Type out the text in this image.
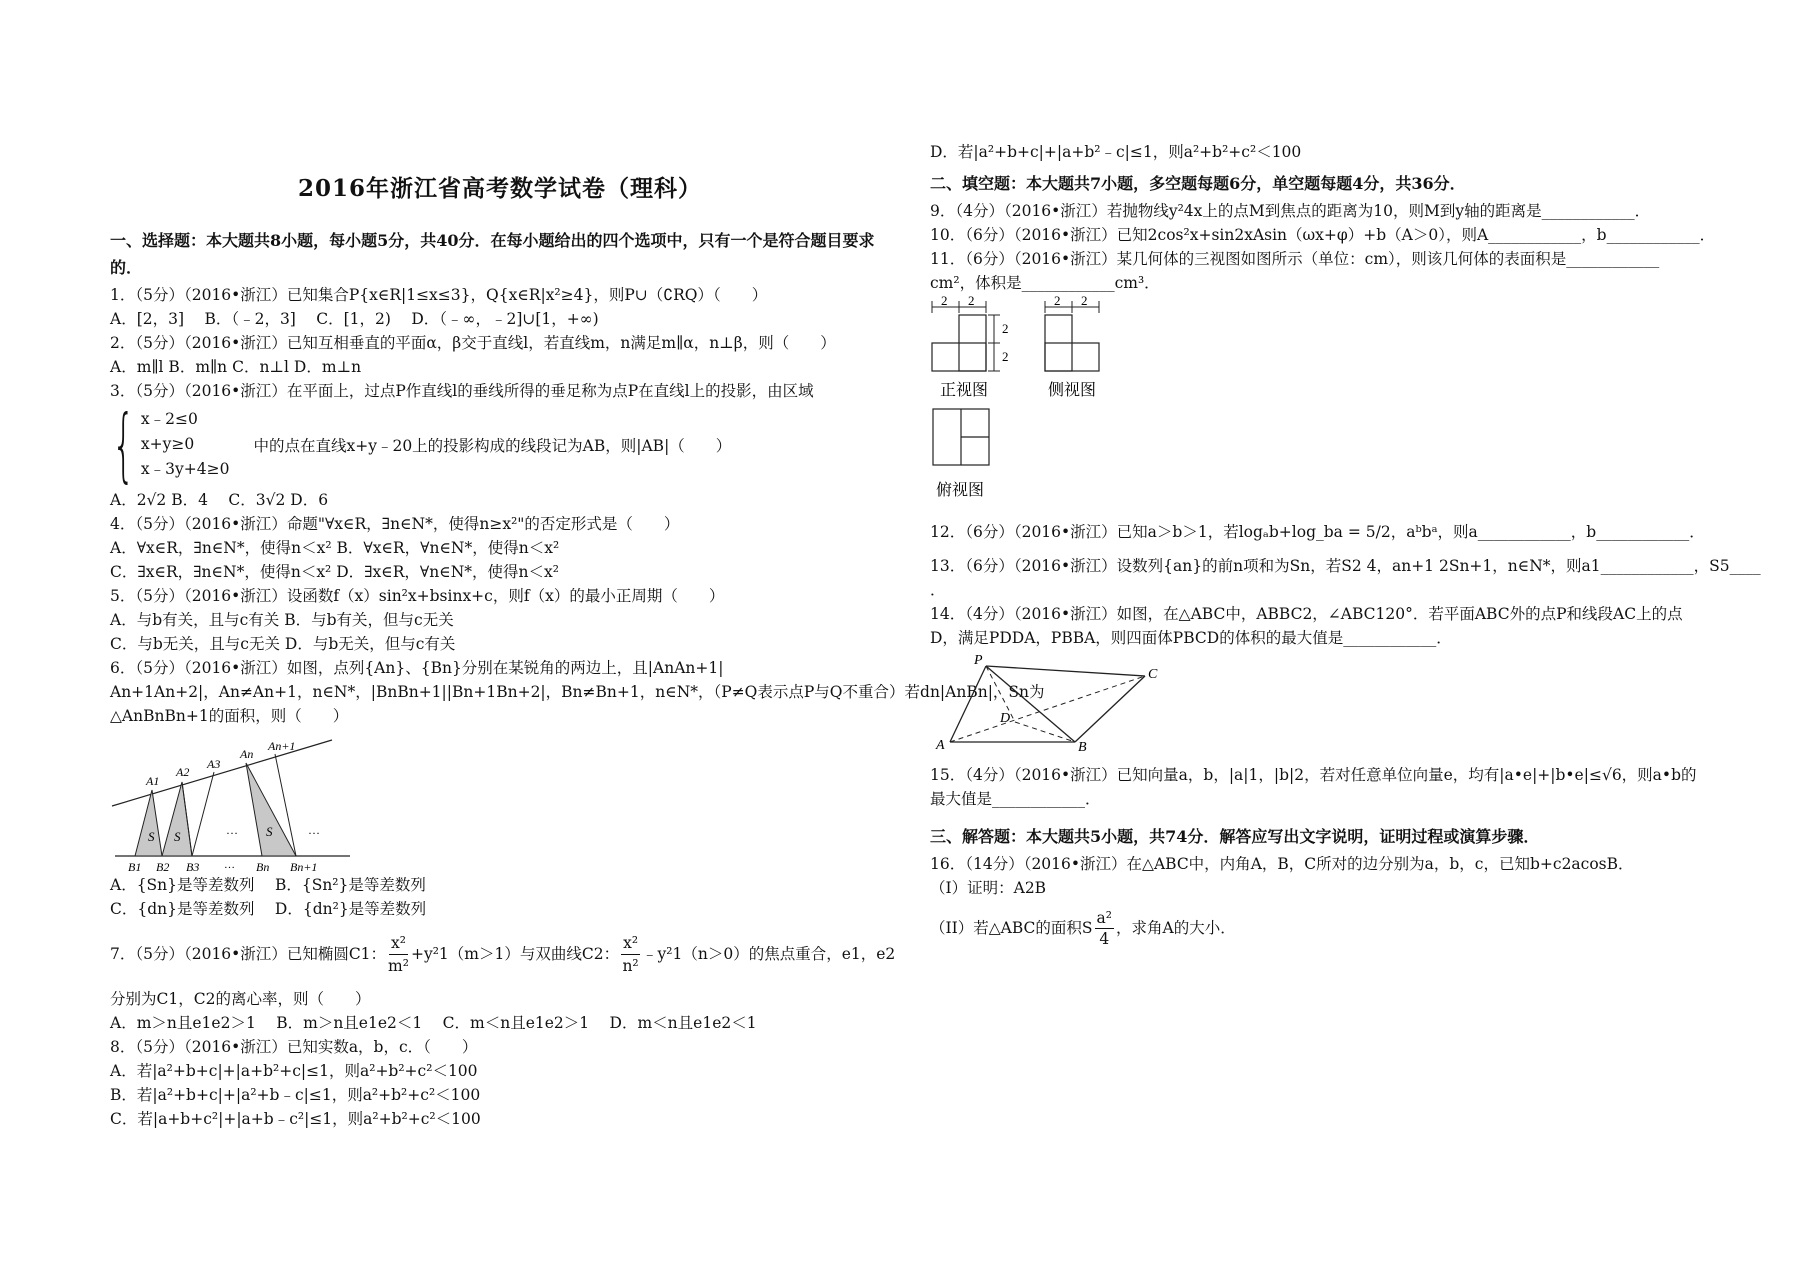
2016年浙江省高考数学试卷（理科）
一、选择题：本大题共8小题，每小题5分，共40分．在每小题给出的四个选项中，只有一个是符合题目要求
的．
1．（5分）（2016•浙江）已知集合P{x∈R|1≤x≤3}，Q{x∈R|x²≥4}，则P∪（∁RQ）（　　）
A．[2，3]　 B．（﹣2，3]　 C．[1，2)　 D．（﹣∞，﹣2]∪[1，+∞)
2．（5分）（2016•浙江）已知互相垂直的平面α，β交于直线l，若直线m，n满足m∥α，n⊥β，则（　　）
A．m∥l B．m∥n C．n⊥l D．m⊥n
3．（5分）（2016•浙江）在平面上，过点P作直线l的垂线所得的垂足称为点P在直线l上的投影，由区域
{ x﹣2≤0
x+y≥0
x﹣3y+4≥0
中的点在直线x+y﹣20上的投影构成的线段记为AB，则|AB|（　　）
A．2√2 B．4　 C．3√2 D．6
4．（5分）（2016•浙江）命题"∀x∈R，∃n∈N*，使得n≥x²"的否定形式是（　　）
A．∀x∈R，∃n∈N*，使得n＜x² B．∀x∈R，∀n∈N*，使得n＜x²
C．∃x∈R，∃n∈N*，使得n＜x² D．∃x∈R，∀n∈N*，使得n＜x²
5．（5分）（2016•浙江）设函数f（x）sin²x+bsinx+c，则f（x）的最小正周期（　　）
A．与b有关，且与c有关 B．与b有关，但与c无关
C．与b无关，且与c无关 D．与b无关，但与c有关
6．（5分）（2016•浙江）如图，点列{An}、{Bn}分别在某锐角的两边上，且|AnAn+1|
An+1An+2|，An≠An+1，n∈N*，|BnBn+1||Bn+1Bn+2|，Bn≠Bn+1，n∈N*，（P≠Q表示点P与Q不重合）若dn|AnBn|，Sn为
△AnBnBn+1的面积，则（　　）
S S	S
…	…
…
A1
A2
A3
An
An+1
B1 B2 B3	Bn Bn+1
A．{Sn}是等差数列　 B．{Sn²}是等差数列
C．{dn}是等差数列　 D．{dn²}是等差数列
7．（5分）（2016•浙江）已知椭圆C1： $\frac{\text{x²}}{\text{m²}} +y^21(m>1)$与双曲线C2： $\frac{\text{x²}}{\text{n²}}$ ﹣y²1（n＞0）的焦点重合，e1，e2
分别为C1，C2的离心率，则（　　）
A．m＞n且e1e2＞1　 B．m＞n且e1e2＜1　 C．m＜n且e1e2＞1　 D．m＜n且e1e2＜1
8．（5分）（2016•浙江）已知实数a，b，c．（　　）
A．若|a²+b+c|+|a+b²+c|≤1，则a²+b²+c²＜100
B．若|a²+b+c|+|a²+b﹣c|≤1，则a²+b²+c²＜100
C．若|a+b+c²|+|a+b﹣c²|≤1，则a²+b²+c²＜100
D．若|a²+b+c|+|a+b²﹣c|≤1，则a²+b²+c²＜100
二、填空题：本大题共7小题，多空题每题6分，单空题每题4分，共36分．
9．（4分）（2016•浙江）若抛物线y²4x上的点M到焦点的距离为10，则M到y轴的距离是____________．
10．（6分）（2016•浙江）已知2cos²x+sin2xAsin（ωx+φ）+b（A＞0），则A____________，b____________．
11．（6分）（2016•浙江）某几何体的三视图如图所示（单位：cm），则该几何体的表面积是____________
cm²，体积是____________cm³．
2 2
2
2
2 2
正视图	侧视图
俯视图
12．（6分）（2016•浙江）已知a＞b＞1，若logₐb+log_ba = 5/2，aᵇbᵃ，则a____________，b____________．
13．（6分）（2016•浙江）设数列{an}的前n项和为Sn，若S2 4，an+1 2Sn+1，n∈N*，则a1____________，S5____
．
14．（4分）（2016•浙江）如图，在△ABC中，ABBC2，∠ABC120°．若平面ABC外的点P和线段AC上的点
D，满足PDDA，PBBA，则四面体PBCD的体积的最大值是____________．
P
C
D
A	B
15．（4分）（2016•浙江）已知向量a，b，|a|1，|b|2，若对任意单位向量e，均有|a•e|+|b•e|≤√6，则a•b的
最大值是____________．
三、解答题：本大题共5小题，共74分．解答应写出文字说明，证明过程或演算步骤．
16．（14分）（2016•浙江）在△ABC中，内角A，B，C所对的边分别为a，b，c，已知b+c2acosB．
（I）证明：A2B
（II）若△ABC的面积S $\frac{\text{a²}}{4}$ ，求角A的大小．
